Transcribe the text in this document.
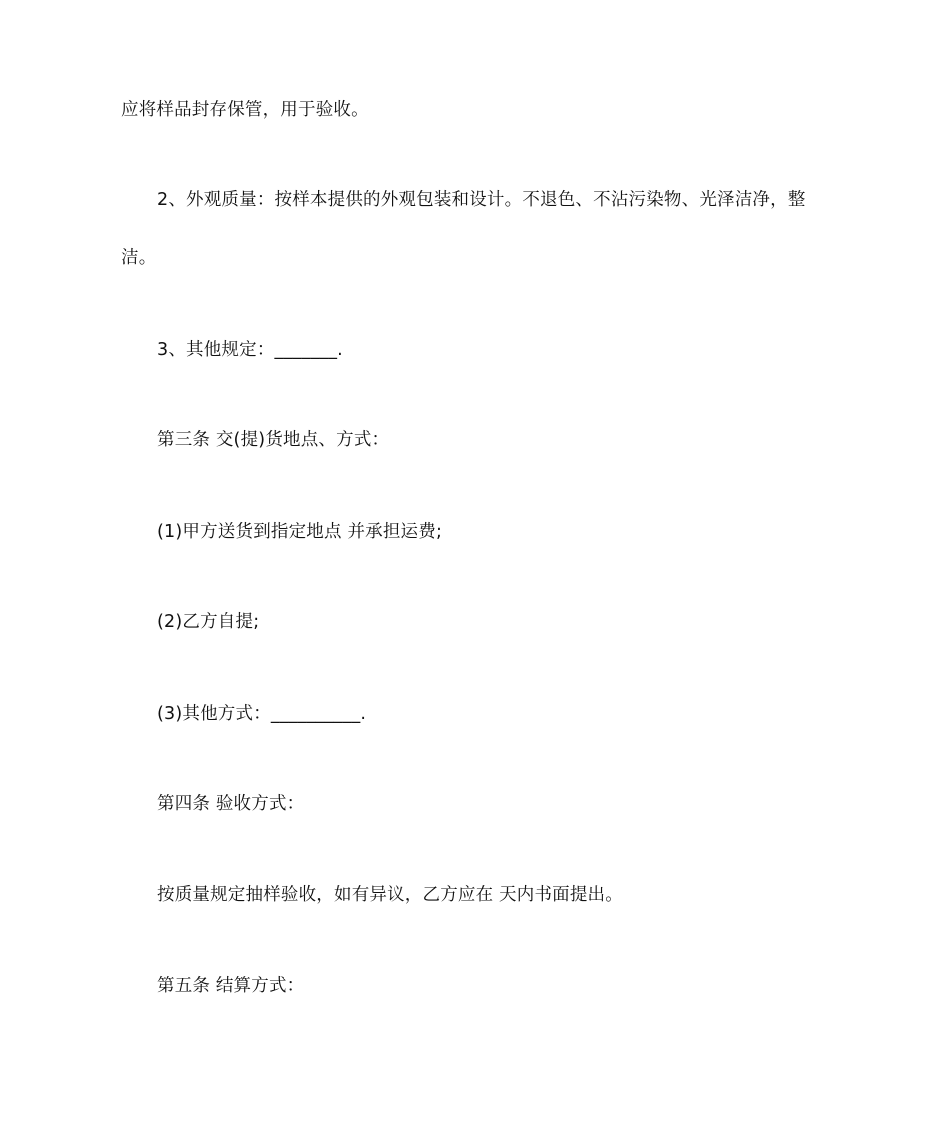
应将样品封存保管，用于验收。
2、外观质量：按样本提供的外观包装和设计。不退色、不沾污染物、光泽洁净，整
洁。
3、其他规定：_______.
第三条 交(提)货地点、方式：
(1)甲方送货到指定地点 并承担运费;
(2)乙方自提;
(3)其他方式：__________.
第四条 验收方式：
按质量规定抽样验收，如有异议，乙方应在 天内书面提出。
第五条 结算方式：
